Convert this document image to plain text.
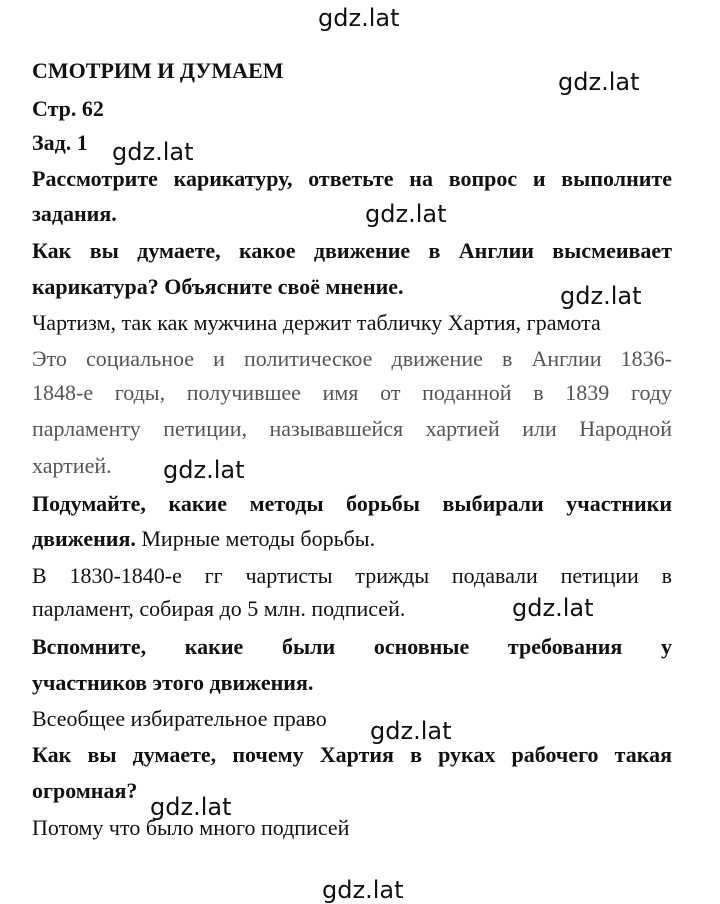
gdz.lat
gdz.lat
gdz.lat
gdz.lat
gdz.lat
gdz.lat
gdz.lat
gdz.lat
gdz.lat
gdz.lat
СМОТРИМ И ДУМАЕМ
Стр. 62
Зад. 1
Рассмотрите карикатуру, ответьте на вопрос и выполните
задания.
Как вы думаете, какое движение в Англии высмеивает
карикатура? Объясните своё мнение.
Чартизм, так как мужчина держит табличку Хартия, грамота
Это социальное и политическое движение в Англии 1836-
1848-е годы, получившее имя от поданной в 1839 году
парламенту петиции, называвшейся хартией или Народной
хартией.
Подумайте, какие методы борьбы выбирали участники
движения. Мирные методы борьбы.
В 1830-1840-е гг чартисты трижды подавали петиции в
парламент, собирая до 5 млн. подписей.
Вспомните, какие были основные требования у
участников этого движения.
Всеобщее избирательное право
Как вы думаете, почему Хартия в руках рабочего такая
огромная?
Потому что было много подписей
